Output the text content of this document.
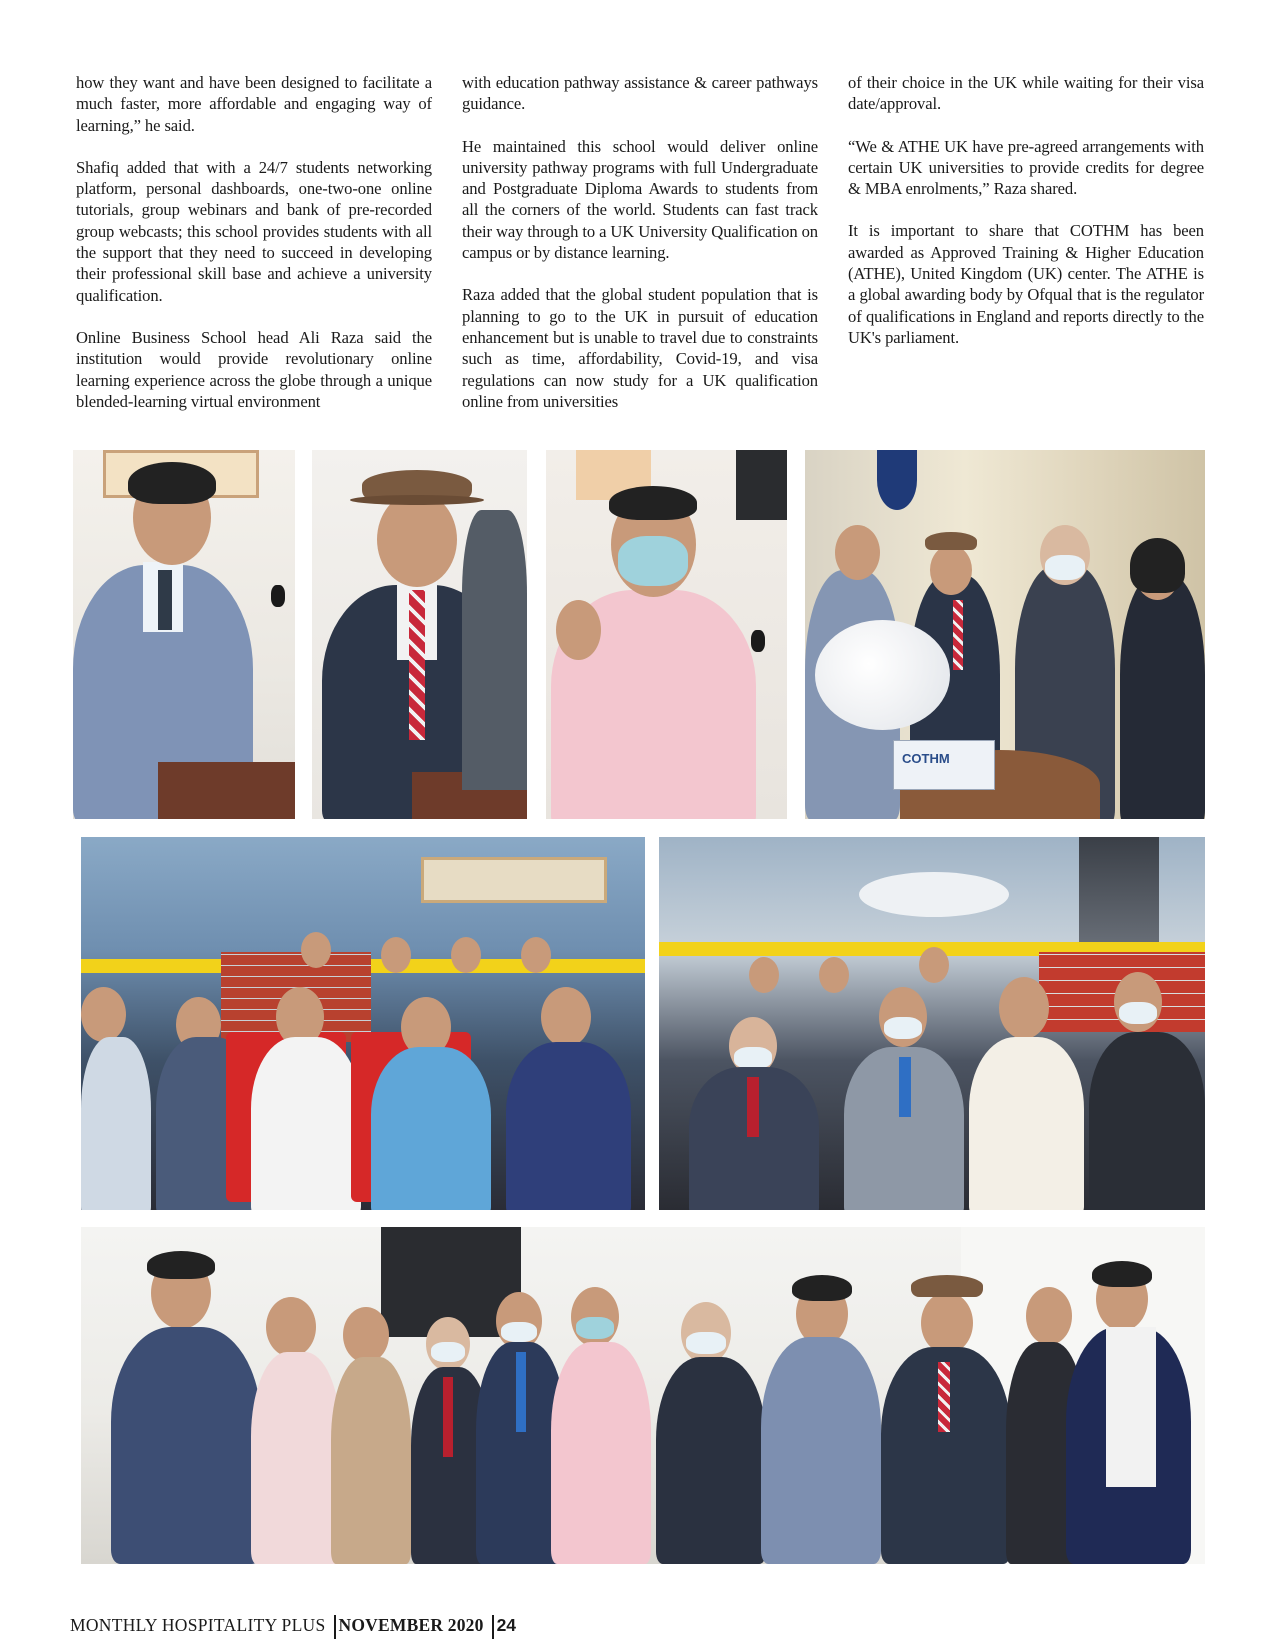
how they want and have been designed to facilitate a much faster, more affordable and engaging way of learning,” he said.

Shafiq added that with a 24/7 students networking platform, personal dashboards, one-two-one online tutorials, group webinars and bank of pre-recorded group webcasts; this school provides students with all the support that they need to succeed in developing their professional skill base and achieve a university qualification.

Online Business School head Ali Raza said the institution would provide revolutionary online learning experience across the globe through a unique blended-learning virtual environment

with education pathway assistance & career pathways guidance.

He maintained this school would deliver online university pathway programs with full Undergraduate and Postgraduate Diploma Awards to students from all the corners of the world. Students can fast track their way through to a UK University Qualification on campus or by distance learning.

Raza added that the global student population that is planning to go to the UK in pursuit of education enhancement but is unable to travel due to constraints such as time, affordability, Covid-19, and visa regulations can now study for a UK qualification online from universities

of their choice in the UK while waiting for their visa date/approval.

“We & ATHE UK have pre-agreed arrangements with certain UK universities to provide credits for degree & MBA enrolments,” Raza shared.

It is important to share that COTHM has been awarded as Approved Training & Higher Education (ATHE), United Kingdom (UK) center. The ATHE is a global awarding body by Ofqual that is the regulator of qualifications in England and reports directly to the UK's parliament.

COTHM
MONTHLY HOSPITALITY PLUS NOVEMBER 2020 24
